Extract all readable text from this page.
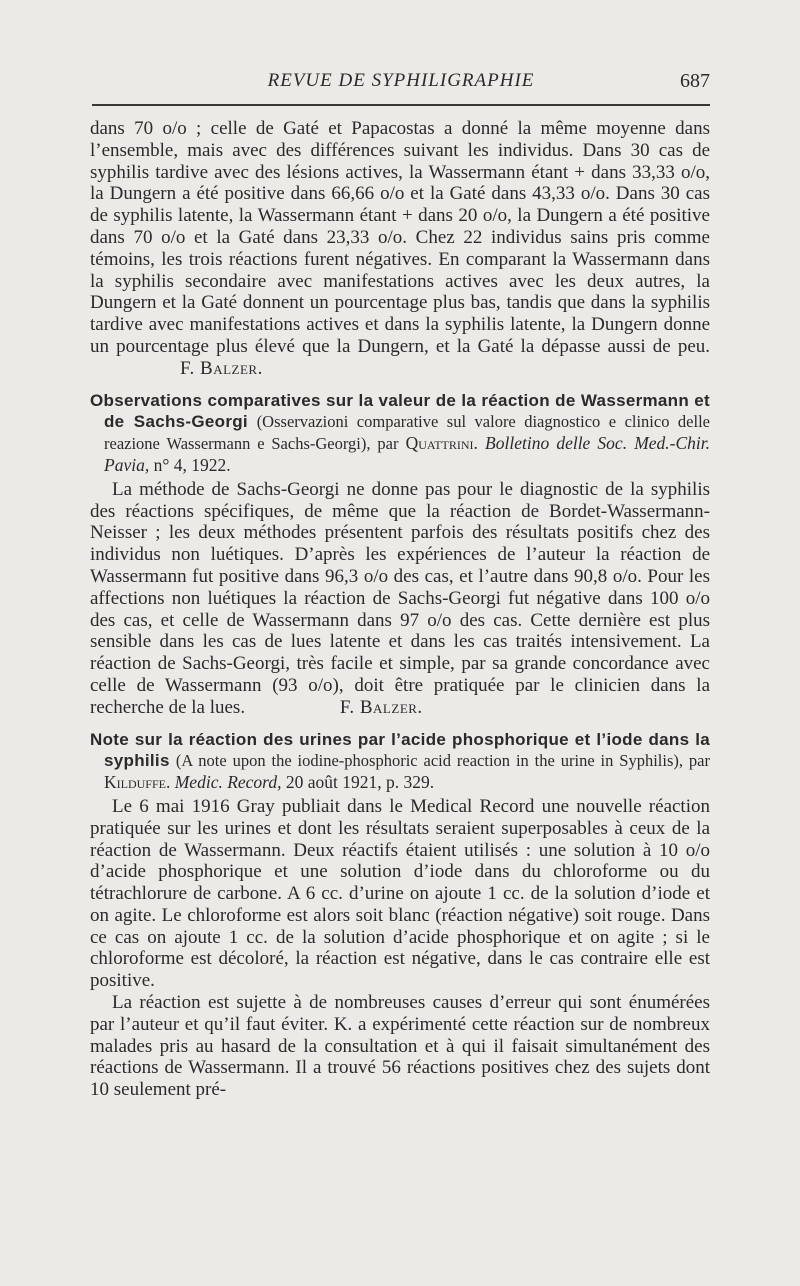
REVUE DE SYPHILIGRAPHIE	687

dans 70 o/o ; celle de Gaté et Papacostas a donné la même moyenne dans l’ensemble, mais avec des différences suivant les individus. Dans 30 cas de syphilis tardive avec des lésions actives, la Wassermann étant + dans 33,33 o/o, la Dungern a été positive dans 66,66 o/o et la Gaté dans 43,33 o/o. Dans 30 cas de syphilis latente, la Wassermann étant + dans 20 o/o, la Dungern a été positive dans 70 o/o et la Gaté dans 23,33 o/o. Chez 22 individus sains pris comme témoins, les trois réactions furent négatives. En comparant la Wassermann dans la syphilis secondaire avec manifestations actives avec les deux autres, la Dungern et la Gaté donnent un pourcentage plus bas, tandis que dans la syphilis tardive avec manifestations actives et dans la syphilis latente, la Dungern donne un pourcentage plus élevé que la Dungern, et la Gaté la dépasse aussi de peu. F. Balzer.

Observations comparatives sur la valeur de la réaction de Wassermann et de Sachs-Georgi (Osservazioni comparative sul valore diagnostico e clinico delle reazione Wassermann e Sachs-Georgi), par Quattrini. Bolletino delle Soc. Med.-Chir. Pavia, n° 4, 1922.

La méthode de Sachs-Georgi ne donne pas pour le diagnostic de la syphilis des réactions spécifiques, de même que la réaction de Bordet-Wassermann-Neisser ; les deux méthodes présentent parfois des résultats positifs chez des individus non luétiques. D’après les expériences de l’auteur la réaction de Wassermann fut positive dans 96,3 o/o des cas, et l’autre dans 90,8 o/o. Pour les affections non luétiques la réaction de Sachs-Georgi fut négative dans 100 o/o des cas, et celle de Wassermann dans 97 o/o des cas. Cette dernière est plus sensible dans les cas de lues latente et dans les cas traités intensivement. La réaction de Sachs-Georgi, très facile et simple, par sa grande concordance avec celle de Wassermann (93 o/o), doit être pratiquée par le clinicien dans la recherche de la lues.	F. Balzer.

Note sur la réaction des urines par l’acide phosphorique et l’iode dans la syphilis (A note upon the iodine-phosphoric acid reaction in the urine in Syphilis), par Kilduffe. Medic. Record, 20 août 1921, p. 329.

Le 6 mai 1916 Gray publiait dans le Medical Record une nouvelle réaction pratiquée sur les urines et dont les résultats seraient superposables à ceux de la réaction de Wassermann. Deux réactifs étaient utilisés : une solution à 10 o/o d’acide phosphorique et une solution d’iode dans du chloroforme ou du tétrachlorure de carbone. A 6 cc. d’urine on ajoute 1 cc. de la solution d’iode et on agite. Le chloroforme est alors soit blanc (réaction négative) soit rouge. Dans ce cas on ajoute 1 cc. de la solution d’acide phosphorique et on agite ; si le chloroforme est décoloré, la réaction est négative, dans le cas contraire elle est positive.

La réaction est sujette à de nombreuses causes d’erreur qui sont énumérées par l’auteur et qu’il faut éviter. K. a expérimenté cette réaction sur de nombreux malades pris au hasard de la consultation et à qui il faisait simultanément des réactions de Wassermann. Il a trouvé 56 réactions positives chez des sujets dont 10 seulement pré-
